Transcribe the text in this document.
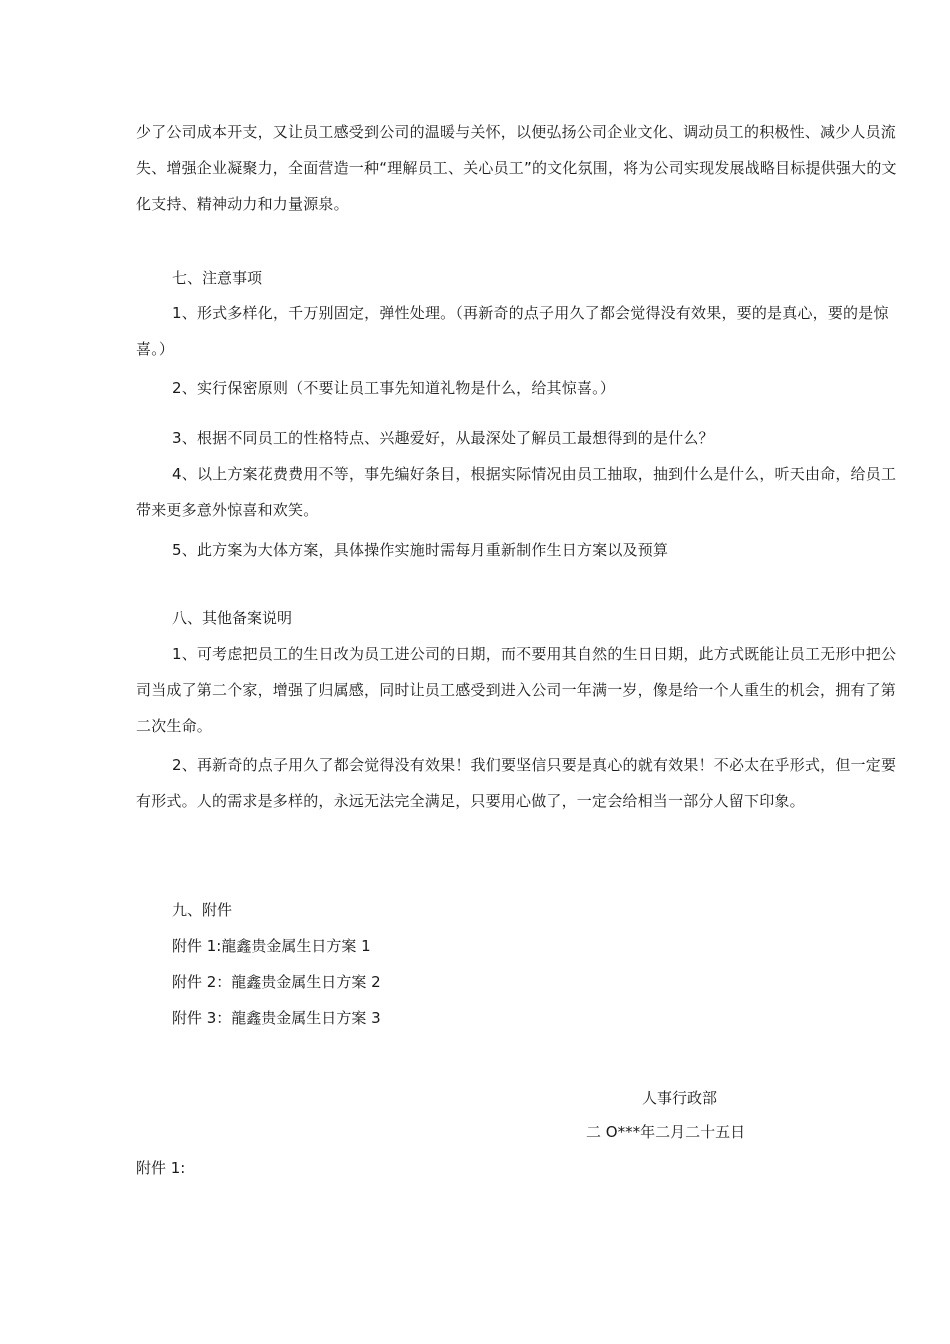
少了公司成本开支，又让员工感受到公司的温暖与关怀，以便弘扬公司企业文化、调动员工的积极性、减少人员流失、增强企业凝聚力，全面营造一种“理解员工、关心员工”的文化氛围，将为公司实现发展战略目标提供强大的文化支持、精神动力和力量源泉。

七、注意事项

1、形式多样化，千万别固定，弹性处理。（再新奇的点子用久了都会觉得没有效果，要的是真心，要的是惊喜。）

2、实行保密原则（不要让员工事先知道礼物是什么，给其惊喜。）

3、根据不同员工的性格特点、兴趣爱好，从最深处了解员工最想得到的是什么？

4、以上方案花费费用不等，事先编好条目，根据实际情况由员工抽取，抽到什么是什么，听天由命，给员工带来更多意外惊喜和欢笑。

5、此方案为大体方案，具体操作实施时需每月重新制作生日方案以及预算

八、其他备案说明

1、可考虑把员工的生日改为员工进公司的日期，而不要用其自然的生日日期，此方式既能让员工无形中把公司当成了第二个家，增强了归属感，同时让员工感受到进入公司一年满一岁，像是给一个人重生的机会，拥有了第二次生命。

2、再新奇的点子用久了都会觉得没有效果！我们要坚信只要是真心的就有效果！不必太在乎形式，但一定要有形式。人的需求是多样的，永远无法完全满足，只要用心做了，一定会给相当一部分人留下印象。

九、附件

附件 1:龍鑫贵金属生日方案 1

附件 2：龍鑫贵金属生日方案 2

附件 3：龍鑫贵金属生日方案 3

人事行政部

二 O***年二月二十五日

附件 1:
